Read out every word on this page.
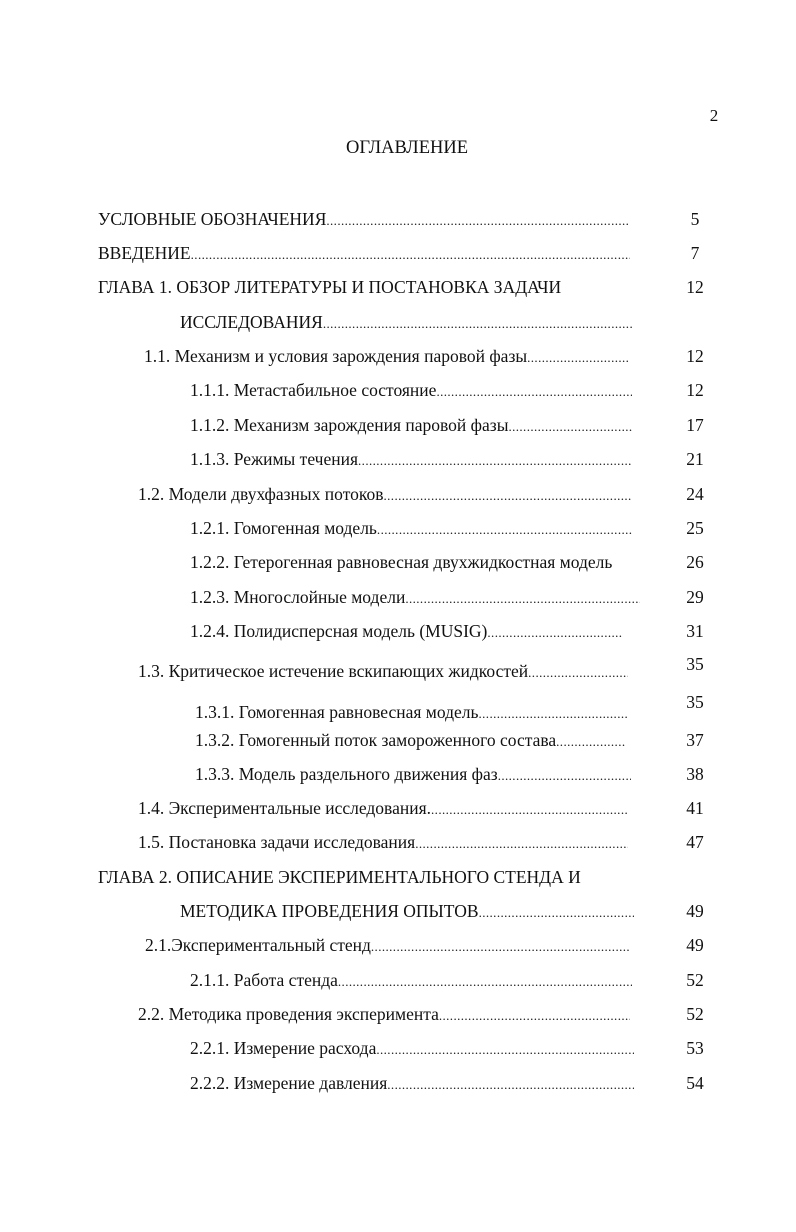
2
ОГЛАВЛЕНИЕ
УСЛОВНЫЕ ОБОЗНАЧЕНИЯ .....	5
ВВЕДЕНИЕ .....	7
ГЛАВА 1. ОБЗОР ЛИТЕРАТУРЫ И ПОСТАНОВКА ЗАДАЧИ	12
ИССЛЕДОВАНИЯ .....
1.1. Механизм и условия зарождения паровой фазы .....	12
1.1.1. Метастабильное состояние .....	12
1.1.2. Механизм зарождения паровой фазы .....	17
1.1.3. Режимы течения .....	21
1.2. Модели двухфазных потоков .....	24
1.2.1. Гомогенная модель .....	25
1.2.2. Гетерогенная равновесная двухжидкостная модель	26
1.2.3. Многослойные модели .....	29
1.2.4. Полидисперсная модель (MUSIG) .....	31
1.3. Критическое истечение вскипающих жидкостей .....	35
1.3.1. Гомогенная равновесная модель .....	35
1.3.2. Гомогенный поток замороженного состава .....	37
1.3.3. Модель раздельного движения фаз .....	38
1.4. Экспериментальные исследования. .....	41
1.5. Постановка задачи исследования .....	47
ГЛАВА 2. ОПИСАНИЕ ЭКСПЕРИМЕНТАЛЬНОГО СТЕНДА И
МЕТОДИКА ПРОВЕДЕНИЯ ОПЫТОВ .....	49
2.1.Экспериментальный стенд .....	49
2.1.1. Работа стенда .....	52
2.2. Методика проведения эксперимента .....	52
2.2.1. Измерение расхода .....	53
2.2.2. Измерение давления .....	54
